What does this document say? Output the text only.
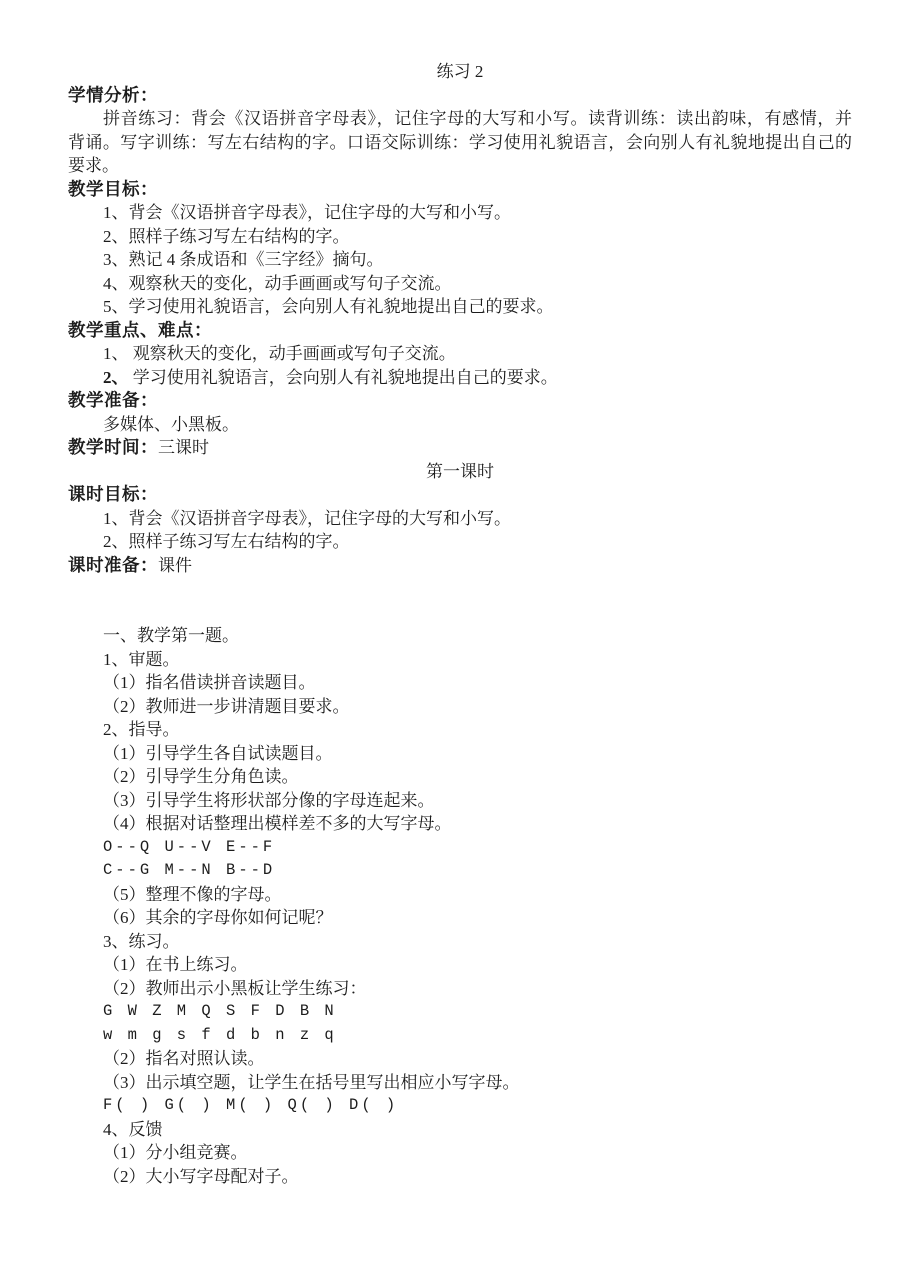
练习 2
学情分析：
拼音练习：背会《汉语拼音字母表》，记住字母的大写和小写。读背训练：读出韵味，有感情，并
背诵。写字训练：写左右结构的字。口语交际训练：学习使用礼貌语言，会向别人有礼貌地提出自己的
要求。
教学目标：
1、背会《汉语拼音字母表》，记住字母的大写和小写。
2、照样子练习写左右结构的字。
3、熟记 4 条成语和《三字经》摘句。
4、观察秋天的变化，动手画画或写句子交流。
5、学习使用礼貌语言，会向别人有礼貌地提出自己的要求。
教学重点、难点：
1、 观察秋天的变化，动手画画或写句子交流。
2、 学习使用礼貌语言，会向别人有礼貌地提出自己的要求。
教学准备：
多媒体、小黑板。
教学时间：三课时
第一课时
课时目标：
1、背会《汉语拼音字母表》，记住字母的大写和小写。
2、照样子练习写左右结构的字。
课时准备：课件
一、教学第一题。
1、审题。
（1）指名借读拼音读题目。
（2）教师进一步讲清题目要求。
2、指导。
（1）引导学生各自试读题目。
（2）引导学生分角色读。
（3）引导学生将形状部分像的字母连起来。
（4）根据对话整理出模样差不多的大写字母。
O--Q U--V E--F
C--G M--N B--D
（5）整理不像的字母。
（6）其余的字母你如何记呢？
3、练习。
（1）在书上练习。
（2）教师出示小黑板让学生练习：
G W Z M Q S F D B N
w m g s f d b n z q
（2）指名对照认读。
（3）出示填空题，让学生在括号里写出相应小写字母。
F( ) G( ) M( ) Q( ) D( )
4、反馈
（1）分小组竞赛。
（2）大小写字母配对子。
